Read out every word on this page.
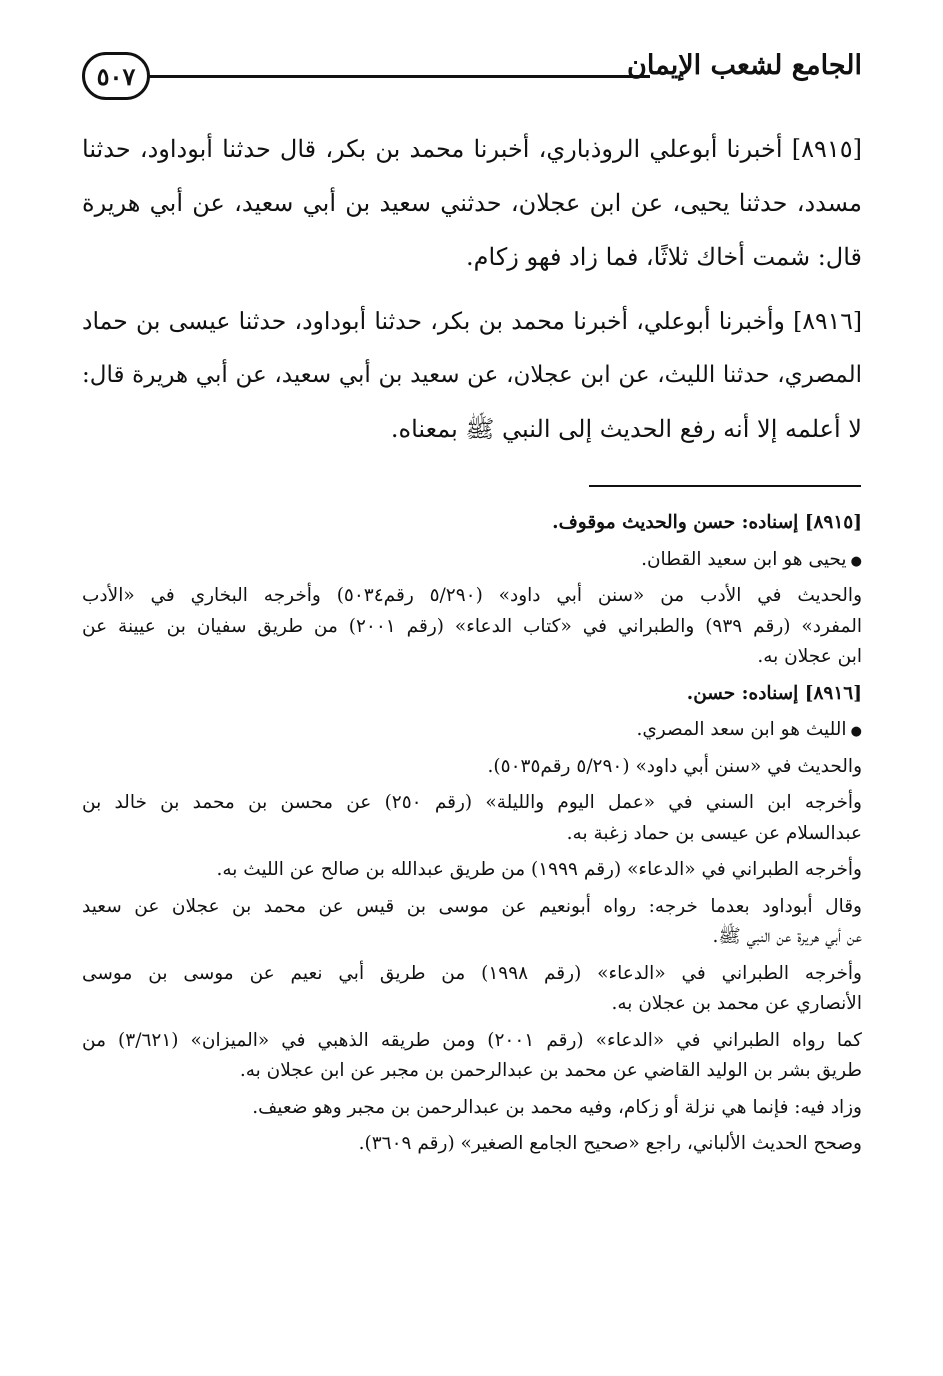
الجامع لشعب الإيمان
٥٠٧
[٨٩١٥] أخبرنا أبوعلي الروذباري، أخبرنا محمد بن بكر، قال حدثنا أبوداود، حدثنا
مسدد، حدثنا يحيى، عن ابن عجلان، حدثني سعيد بن أبي سعيد، عن أبي هريرة
قال: شمت أخاك ثلاثًا، فما زاد فهو زكام.
[٨٩١٦] وأخبرنا أبوعلي، أخبرنا محمد بن بكر، حدثنا أبوداود، حدثنا عيسى بن حماد
المصري، حدثنا الليث، عن ابن عجلان، عن سعيد بن أبي سعيد، عن أبي هريرة قال:
لا أعلمه إلا أنه رفع الحديث إلى النبي ﷺ بمعناه.
[٨٩١٥] إسناده: حسن والحديث موقوف.
● يحيى هو ابن سعيد القطان.
والحديث في الأدب من «سنن أبي داود» (٥/٢٩٠ رقم٥٠٣٤) وأخرجه البخاري في «الأدب
المفرد» (رقم ٩٣٩) والطبراني في «كتاب الدعاء» (رقم ٢٠٠١) من طريق سفيان بن عيينة عن
ابن عجلان به.
[٨٩١٦] إسناده: حسن.
● الليث هو ابن سعد المصري.
والحديث في «سنن أبي داود» (٥/٢٩٠ رقم٥٠٣٥).
وأخرجه ابن السني في «عمل اليوم والليلة» (رقم ٢٥٠) عن محسن بن محمد بن خالد بن
عبدالسلام عن عيسى بن حماد زغبة به.
وأخرجه الطبراني في «الدعاء» (رقم ١٩٩٩) من طريق عبدالله بن صالح عن الليث به.
وقال أبوداود بعدما خرجه: رواه أبونعيم عن موسى بن قيس عن محمد بن عجلان عن سعيد
عن أبي هريرة عن النبي ﷺ.
وأخرجه الطبراني في «الدعاء» (رقم ١٩٩٨) من طريق أبي نعيم عن موسى بن موسى
الأنصاري عن محمد بن عجلان به.
كما رواه الطبراني في «الدعاء» (رقم ٢٠٠١) ومن طريقه الذهبي في «الميزان» (٣/٦٢١) من
طريق بشر بن الوليد القاضي عن محمد بن عبدالرحمن بن مجبر عن ابن عجلان به.
وزاد فيه: فإنما هي نزلة أو زكام، وفيه محمد بن عبدالرحمن بن مجبر وهو ضعيف.
وصحح الحديث الألباني، راجع «صحيح الجامع الصغير» (رقم ٣٦٠٩).
